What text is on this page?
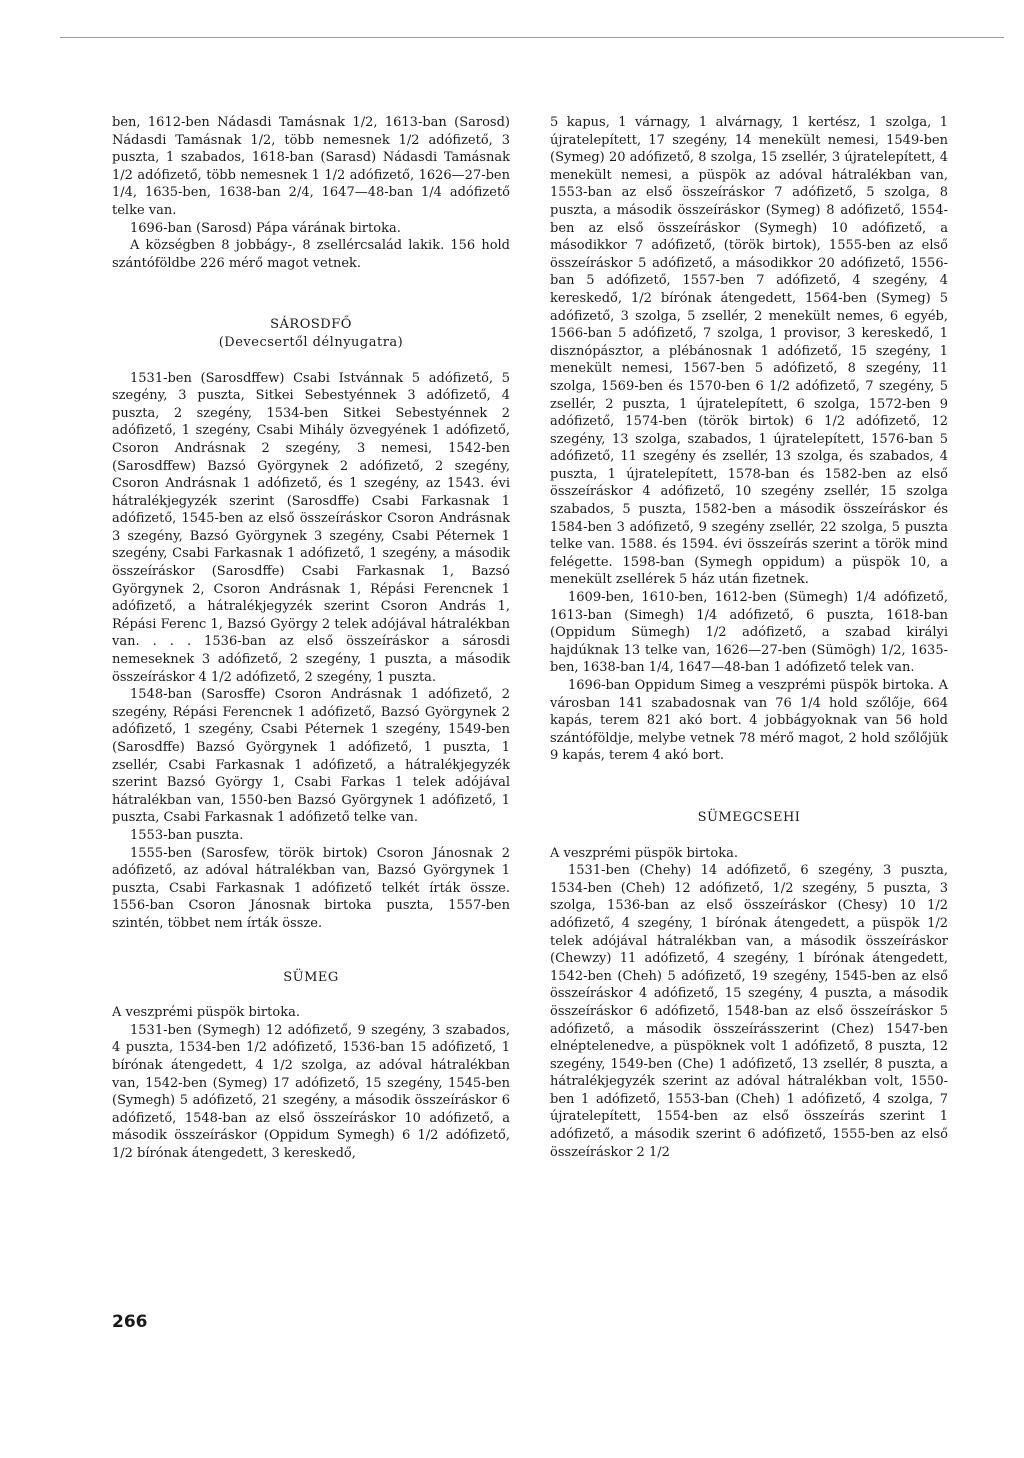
ben, 1612-ben Nádasdi Tamásnak 1/2, 1613-ban (Sarosd) Nádasdi Tamásnak 1/2, több nemesnek 1/2 adófizető, 3 puszta, 1 szabados, 1618-ban (Sarasd) Nádasdi Tamásnak 1/2 adófizető, több nemesnek 1 1/2 adófizető, 1626—27-ben 1/4, 1635-ben, 1638-ban 2/4, 1647—48-ban 1/4 adófizető telke van.

1696-ban (Sarosd) Pápa várának birtoka.

A községben 8 jobbágy-, 8 zsellércsalád lakik. 156 hold szántóföldbe 226 mérő magot vetnek.

SÁROSDFŐ

(Devecsertől délnyugatra)

1531-ben (Sarosdffew) Csabi Istvánnak 5 adófizető, 5 szegény, 3 puszta, Sitkei Sebestyénnek 3 adófizető, 4 puszta, 2 szegény, 1534-ben Sitkei Sebestyénnek 2 adófizető, 1 szegény, Csabi Mihály özvegyének 1 adófizető, Csoron Andrásnak 2 szegény, 3 nemesi, 1542-ben (Sarosdffew) Bazsó Györgynek 2 adófizető, 2 szegény, Csoron Andrásnak 1 adófizető, és 1 szegény, az 1543. évi hátralékjegyzék szerint (Sarosdffe) Csabi Farkasnak 1 adófizető, 1545-ben az első összeíráskor Csoron Andrásnak 3 szegény, Bazsó Györgynek 3 szegény, Csabi Péternek 1 szegény, Csabi Farkasnak 1 adófizető, 1 szegény, a második összeíráskor (Sarosdffe) Csabi Farkasnak 1, Bazsó Györgynek 2, Csoron Andrásnak 1, Répási Ferencnek 1 adófizető, a hátralékjegyzék szerint Csoron András 1, Répási Ferenc 1, Bazsó György 2 telek adójával hátralékban van. . . . 1536-ban az első összeíráskor a sárosdi nemeseknek 3 adófizető, 2 szegény, 1 puszta, a második összeíráskor 4 1/2 adófizető, 2 szegény, 1 puszta.

1548-ban (Sarosffe) Csoron Andrásnak 1 adófizető, 2 szegény, Répási Ferencnek 1 adófizető, Bazsó Györgynek 2 adófizető, 1 szegény, Csabi Péternek 1 szegény, 1549-ben (Sarosdffe) Bazsó Györgynek 1 adófizető, 1 puszta, 1 zsellér, Csabi Farkasnak 1 adófizető, a hátralékjegyzék szerint Bazsó György 1, Csabi Farkas 1 telek adójával hátralékban van, 1550-ben Bazsó Györgynek 1 adófizető, 1 puszta, Csabi Farkasnak 1 adófizető telke van.

1553-ban puszta.

1555-ben (Sarosfew, török birtok) Csoron Jánosnak 2 adófizető, az adóval hátralékban van, Bazsó Györgynek 1 puszta, Csabi Farkasnak 1 adófizető telkét írták össze. 1556-ban Csoron Jánosnak birtoka puszta, 1557-ben szintén, többet nem írták össze.

SÜMEG

A veszprémi püspök birtoka.

1531-ben (Symegh) 12 adófizető, 9 szegény, 3 szabados, 4 puszta, 1534-ben 1/2 adófizető, 1536-ban 15 adófizető, 1 bírónak átengedett, 4 1/2 szolga, az adóval hátralékban van, 1542-ben (Symeg) 17 adófizető, 15 szegény, 1545-ben (Symegh) 5 adófizető, 21 szegény, a második összeíráskor 6 adófizető, 1548-ban az első összeíráskor 10 adófizető, a második összeíráskor (Oppidum Symegh) 6 1/2 adófizető, 1/2 bírónak átengedett, 3 kereskedő,

5 kapus, 1 várnagy, 1 alvárnagy, 1 kertész, 1 szolga, 1 újratelepített, 17 szegény, 14 menekült nemesi, 1549-ben (Symeg) 20 adófizető, 8 szolga, 15 zsellér, 3 újratelepített, 4 menekült nemesi, a püspök az adóval hátralékban van, 1553-ban az első összeíráskor 7 adófizető, 5 szolga, 8 puszta, a második összeíráskor (Symeg) 8 adófizető, 1554-ben az első összeíráskor (Symegh) 10 adófizető, a másodikkor 7 adófizető, (török birtok), 1555-ben az első összeíráskor 5 adófizető, a másodikkor 20 adófizető, 1556-ban 5 adófizető, 1557-ben 7 adófizető, 4 szegény, 4 kereskedő, 1/2 bírónak átengedett, 1564-ben (Symeg) 5 adófizető, 3 szolga, 5 zsellér, 2 menekült nemes, 6 egyéb, 1566-ban 5 adófizető, 7 szolga, 1 provisor, 3 kereskedő, 1 disznópásztor, a plébánosnak 1 adófizető, 15 szegény, 1 menekült nemesi, 1567-ben 5 adófizető, 8 szegény, 11 szolga, 1569-ben és 1570-ben 6 1/2 adófizető, 7 szegény, 5 zsellér, 2 puszta, 1 újratelepített, 6 szolga, 1572-ben 9 adófizető, 1574-ben (török birtok) 6 1/2 adófizető, 12 szegény, 13 szolga, szabados, 1 újratelepített, 1576-ban 5 adófizető, 11 szegény és zsellér, 13 szolga, és szabados, 4 puszta, 1 újratelepített, 1578-ban és 1582-ben az első összeíráskor 4 adófizető, 10 szegény zsellér, 15 szolga szabados, 5 puszta, 1582-ben a második összeíráskor és 1584-ben 3 adófizető, 9 szegény zsellér, 22 szolga, 5 puszta telke van. 1588. és 1594. évi összeírás szerint a török mind felégette. 1598-ban (Symegh oppidum) a püspök 10, a menekült zsellérek 5 ház után fizetnek.

1609-ben, 1610-ben, 1612-ben (Sümegh) 1/4 adófizető, 1613-ban (Simegh) 1/4 adófizető, 6 puszta, 1618-ban (Oppidum Sümegh) 1/2 adófizető, a szabad királyi hajdúknak 13 telke van, 1626—27-ben (Sümögh) 1/2, 1635-ben, 1638-ban 1/4, 1647—48-ban 1 adófizető telek van.

1696-ban Oppidum Simeg a veszprémi püspök birtoka. A városban 141 szabadosnak van 76 1/4 hold szőlője, 664 kapás, terem 821 akó bort. 4 jobbágyoknak van 56 hold szántóföldje, melybe vetnek 78 mérő magot, 2 hold szőlőjük 9 kapás, terem 4 akó bort.

SÜMEGCSEHI

A veszprémi püspök birtoka.

1531-ben (Chehy) 14 adófizető, 6 szegény, 3 puszta, 1534-ben (Cheh) 12 adófizető, 1/2 szegény, 5 puszta, 3 szolga, 1536-ban az első összeíráskor (Chesy) 10 1/2 adófizető, 4 szegény, 1 bírónak átengedett, a püspök 1/2 telek adójával hátralékban van, a második összeíráskor (Chewzy) 11 adófizető, 4 szegény, 1 bírónak átengedett, 1542-ben (Cheh) 5 adófizető, 19 szegény, 1545-ben az első összeíráskor 4 adófizető, 15 szegény, 4 puszta, a második összeíráskor 6 adófizető, 1548-ban az első összeíráskor 5 adófizető, a második összeírásszerint (Chez) 1547-ben elnéptelenedve, a püspöknek volt 1 adófizető, 8 puszta, 12 szegény, 1549-ben (Che) 1 adófizető, 13 zsellér, 8 puszta, a hátralékjegyzék szerint az adóval hátralékban volt, 1550-ben 1 adófizető, 1553-ban (Cheh) 1 adófizető, 4 szolga, 7 újratelepített, 1554-ben az első összeírás szerint 1 adófizető, a második szerint 6 adófizető, 1555-ben az első összeíráskor 2 1/2

266
